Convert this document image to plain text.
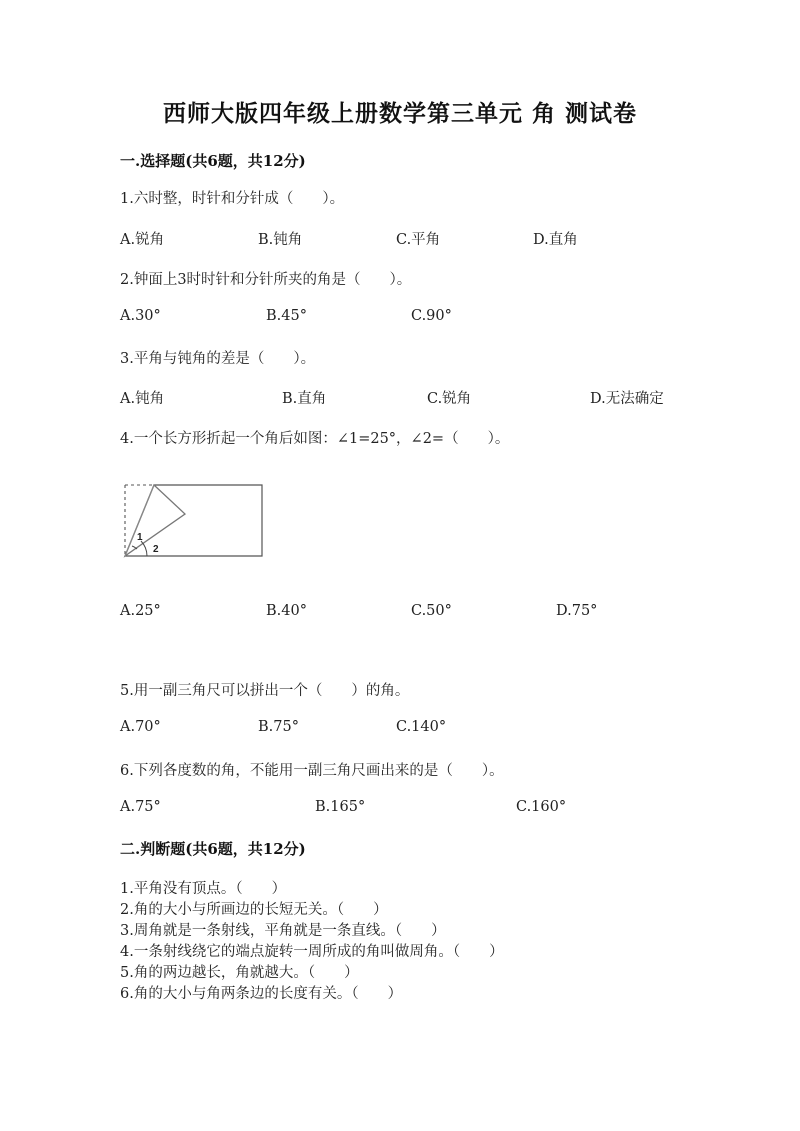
西师大版四年级上册数学第三单元 角 测试卷
一.选择题(共6题，共12分)
1.六时整，时针和分针成（　　）。
A.锐角	B.钝角	C.平角	D.直角
2.钟面上3时时针和分针所夹的角是（　　）。
A.30°	B.45°	C.90°
3.平角与钝角的差是（　　）。
A.钝角	B.直角	C.锐角	D.无法确定
4.一个长方形折起一个角后如图：∠1=25°，∠2=（　　）。
1
2
A.25°	B.40°	C.50°	D.75°
5.用一副三角尺可以拼出一个（　　）的角。
A.70°	B.75°	C.140°
6.下列各度数的角，不能用一副三角尺画出来的是（　　）。
A.75°	B.165°	C.160°
二.判断题(共6题，共12分)
1.平角没有顶点。（　　）
2.角的大小与所画边的长短无关。（　　）
3.周角就是一条射线，平角就是一条直线。（　　）
4.一条射线绕它的端点旋转一周所成的角叫做周角。（　　）
5.角的两边越长，角就越大。（　　）
6.角的大小与角两条边的长度有关。（　　）
